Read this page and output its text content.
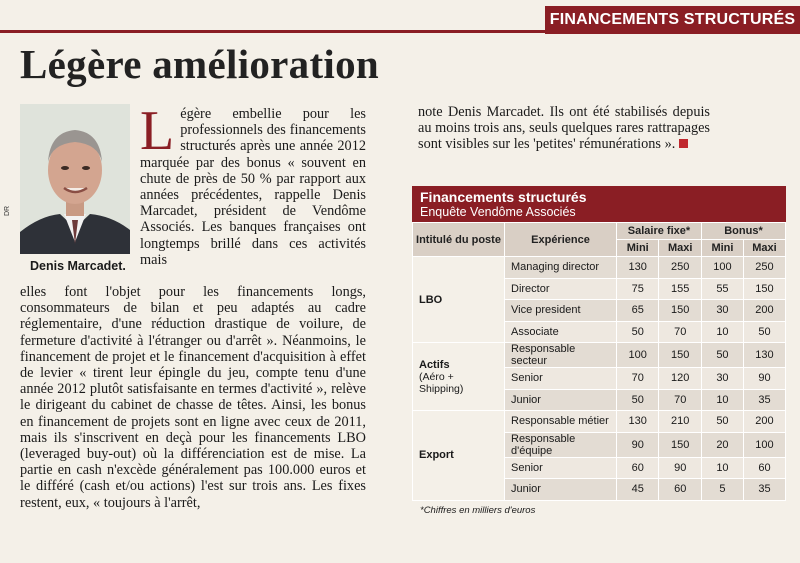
FINANCEMENTS STRUCTURÉS
Légère amélioration
DR
Denis Marcadet.
Légère embellie pour les professionnels des financements structurés après une année 2012 marquée par des bonus « souvent en chute de près de 50 % par rapport aux années précédentes, rappelle Denis Marcadet, président de Vendôme Associés. Les banques françaises ont longtemps brillé dans ces activités mais
elles font l'objet pour les financements longs, consommateurs de bilan et peu adaptés au cadre réglementaire, d'une réduction drastique de voilure, de fermeture d'activité à l'étranger ou d'arrêt ». Néanmoins, le financement de projet et le financement d'acquisition à effet de levier « tirent leur épingle du jeu, compte tenu d'une année 2012 plutôt satisfaisante en termes d'activité », relève le dirigeant du cabinet de chasse de têtes. Ainsi, les bonus en financement de projets sont en ligne avec ceux de 2011, mais ils s'inscrivent en deçà pour les financements LBO (leveraged buy-out) où la différenciation est de mise. La partie en cash n'excède généralement pas 100.000 euros et le différé (cash et/ou actions) l'est sur trois ans. Les fixes restent, eux, « toujours à l'arrêt,
note Denis Marcadet. Ils ont été stabilisés depuis au moins trois ans, seuls quelques rares rattrapages sont visibles sur les 'petites' rémunérations ».
Financements structurés
Enquête Vendôme Associés
Intitulé du poste	Expérience	Salaire fixe*		Bonus*	
		Mini	Maxi	Mini	Maxi
LBO	Managing director	130	250	100	250
	Director	75	155	55	150
	Vice president	65	150	30	200
	Associate	50	70	10	50
Actifs
(Aéro + Shipping)	Responsable secteur	100	150	50	130
	Senior	70	120	30	90
	Junior	50	70	10	35
Export	Responsable métier	130	210	50	200
	Responsable d'équipe	90	150	20	100
	Senior	60	90	10	60
	Junior	45	60	5	35
*Chiffres en milliers d'euros
